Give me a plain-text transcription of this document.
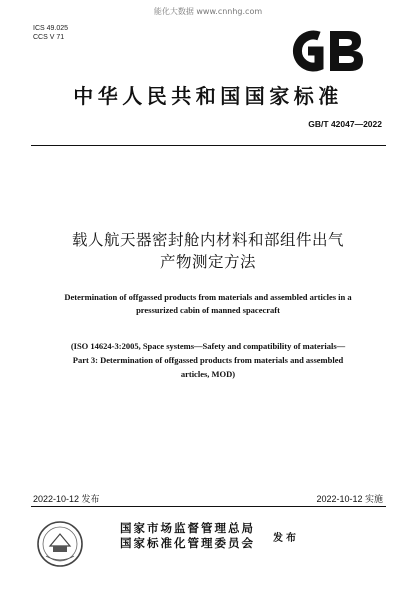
能化大数据 www.cnnhg.com
ICS 49.025
CCS V 71
中华人民共和国国家标准
GB/T 42047—2022
载人航天器密封舱内材料和部组件出气
产物测定方法
Determination of offgassed products from materials and assembled articles in a
pressurized cabin of manned spacecraft
(ISO 14624-3:2005, Space systems—Safety and compatibility of materials—
Part 3: Determination of offgassed products from materials and assembled
articles, MOD)
2022-10-12 发布	2022-10-12 实施
国家市场监督管理总局
国家标准化管理委员会 发布
